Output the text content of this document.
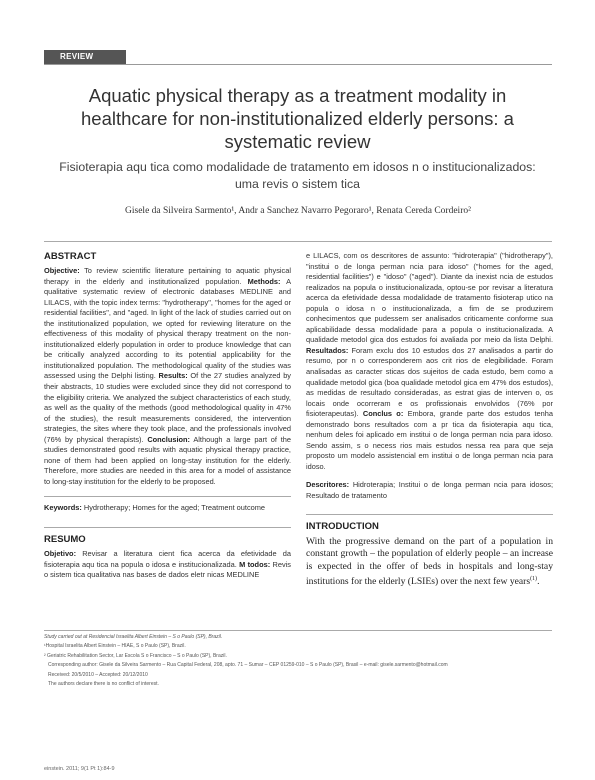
REVIEW
Aquatic physical therapy as a treatment modality in healthcare for non-institutionalized elderly persons: a systematic review
Fisioterapia aqu tica como modalidade de tratamento em idosos n o institucionalizados: uma revis o sistem tica
Gisele da Silveira Sarmento¹, Andr a Sanchez Navarro Pegoraro¹, Renata Cereda Cordeiro²
ABSTRACT

Objective: To review scientific literature pertaining to aquatic physical therapy in the elderly and institutionalized population. Methods: A qualitative systematic review of electronic databases MEDLINE and LILACS, with the topic index terms: "hydrotherapy", "homes for the aged or residential facilities", and "aged. In light of the lack of studies carried out on the institutionalized population, we opted for reviewing literature on the effectiveness of this modality of physical therapy treatment on the non-institutionalized elderly population in order to produce knowledge that can be critically analyzed according to its potential applicability for the institutionalized population. The methodological quality of the studies was assessed using the Delphi listing. Results: Of the 27 studies analyzed by their abstracts, 10 studies were excluded since they did not correspond to the eligibility criteria. We analyzed the subject characteristics of each study, as well as the quality of the methods (good methodological quality in 47% of the studies), the result measurements considered, the intervention strategies, the sites where they took place, and the professionals involved (76% by physical therapists). Conclusion: Although a large part of the studies demonstrated good results with aquatic physical therapy practice, none of them had been applied on long-stay institution for the elderly. Therefore, more studies are needed in this area for a model of assistance to long-stay institution for the elderly to be proposed.

Keywords: Hydrotherapy; Homes for the aged; Treatment outcome

RESUMO

Objetivo: Revisar a literatura cient fica acerca da efetividade da fisioterapia aqu tica na popula o idosa e institucionalizada. M todos: Revis o sistem tica qualitativa nas bases de dados eletr nicas MEDLINE

e LILACS, com os descritores de assunto: "hidroterapia" ("hidrotherapy"), "institui o de longa perman ncia para idoso" ("homes for the aged, residential facilities") e "idoso" ("aged"). Diante da inexist ncia de estudos realizados na popula o institucionalizada, optou-se por revisar a literatura acerca da efetividade dessa modalidade de tratamento fisioterap utico na popula o idosa n o institucionalizada, a fim de se produzirem conhecimentos que pudessem ser analisados criticamente conforme sua aplicabilidade dessa modalidade para a popula o institucionalizada. A qualidade metodol gica dos estudos foi avaliada por meio da lista Delphi. Resultados: Foram exclu dos 10 estudos dos 27 analisados a partir do resumo, por n o corresponderem aos crit rios de elegibilidade. Foram analisadas as caracter sticas dos sujeitos de cada estudo, bem como a qualidade metodol gica (boa qualidade metodol gica em 47% dos estudos), as medidas de resultado consideradas, as estrat gias de interven o, os locais onde ocorreram e os profissionais envolvidos (76% por fisioterapeutas). Conclus o: Embora, grande parte dos estudos tenha demonstrado bons resultados com a pr tica da fisioterapia aqu tica, nenhum deles foi aplicado em institui o de longa perman ncia para idoso. Sendo assim, s o necess rios mais estudos nessa rea para que seja proposto um modelo assistencial em institui o de longa perman ncia para idoso.

Descritores: Hidroterapia; Institui o de longa perman ncia para idosos; Resultado de tratamento

INTRODUCTION

With the progressive demand on the part of a population in constant growth – the population of elderly people – an increase is expected in the offer of beds in hospitals and long-stay institutions for the elderly (LSIEs) over the next few years$^{(1)}$.

Study carried out at Residencial Israelita Albert Einstein – S o Paulo (SP), Brazil.
¹Hospital Israelita Albert Einstein – HIAE, S o Paulo (SP), Brazil.
² Geriatric Rehabilitation Sector, Lar Escola S o Francisco – S o Paulo (SP), Brazil.
Corresponding author: Gisele da Silveira Sarmento – Rua Capital Federal, 208, apto. 71 – Sumar – CEP 01259-010 – S o Paulo (SP), Brasil – e-mail: gisele.sarmento@hotmail.com
Received: 20/5/2010 – Accepted: 20/12/2010
The authors declare there is no conflict of interest.
einstein. 2011; 9(1 Pt 1):84-9
